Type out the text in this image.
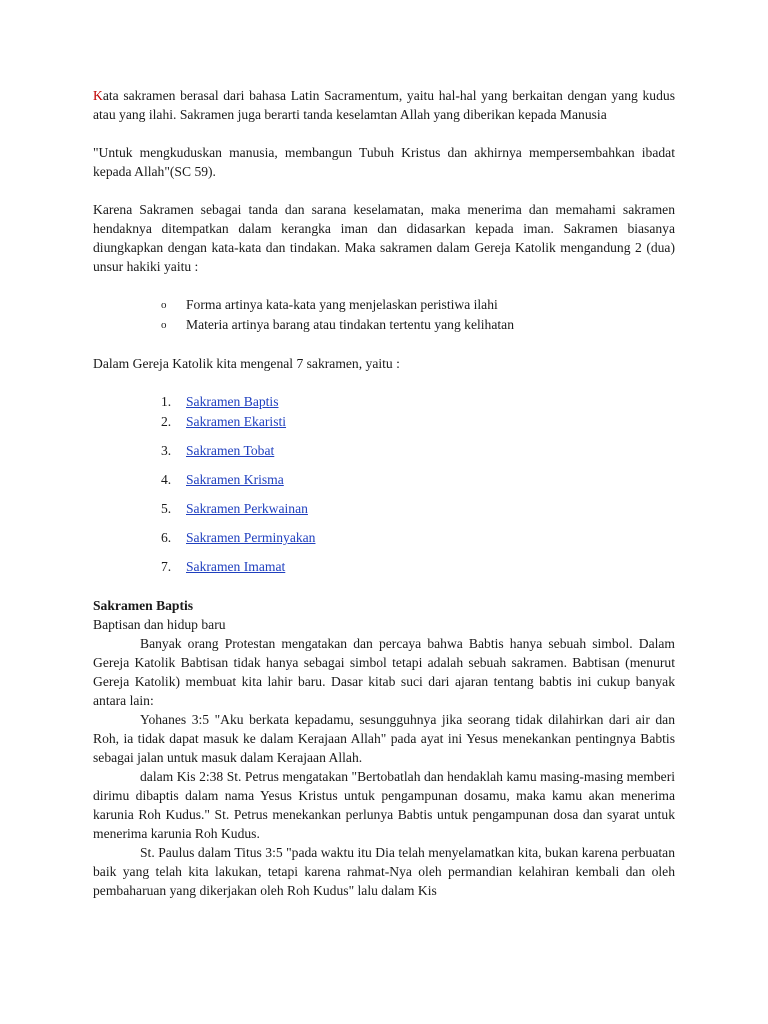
Kata sakramen berasal dari bahasa Latin Sacramentum, yaitu hal-hal yang berkaitan dengan yang kudus atau yang ilahi. Sakramen juga berarti tanda keselamtan Allah yang diberikan kepada Manusia

"Untuk mengkuduskan manusia, membangun Tubuh Kristus dan akhirnya mempersembahkan ibadat kepada Allah"(SC 59).

Karena Sakramen sebagai tanda dan sarana keselamatan, maka menerima dan memahami sakramen hendaknya ditempatkan dalam kerangka iman dan didasarkan kepada iman. Sakramen biasanya diungkapkan dengan kata-kata dan tindakan. Maka sakramen dalam Gereja Katolik mengandung 2 (dua) unsur hakiki yaitu :

o Forma artinya kata-kata yang menjelaskan peristiwa ilahi
o Materia artinya barang atau tindakan tertentu yang kelihatan

Dalam Gereja Katolik kita mengenal 7 sakramen, yaitu :

1. Sakramen Baptis
2. Sakramen Ekaristi
3. Sakramen Tobat
4. Sakramen Krisma
5. Sakramen Perkwainan
6. Sakramen Perminyakan
7. Sakramen Imamat
Sakramen Baptis

Baptisan dan hidup baru

Banyak orang Protestan mengatakan dan percaya bahwa Babtis hanya sebuah simbol. Dalam Gereja Katolik Babtisan tidak hanya sebagai simbol tetapi adalah sebuah sakramen. Babtisan (menurut Gereja Katolik) membuat kita lahir baru. Dasar kitab suci dari ajaran tentang babtis ini cukup banyak antara lain:

Yohanes 3:5 "Aku berkata kepadamu, sesungguhnya jika seorang tidak dilahirkan dari air dan Roh, ia tidak dapat masuk ke dalam Kerajaan Allah" pada ayat ini Yesus menekankan pentingnya Babtis sebagai jalan untuk masuk dalam Kerajaan Allah.

dalam Kis 2:38 St. Petrus mengatakan "Bertobatlah dan hendaklah kamu masing-masing memberi dirimu dibaptis dalam nama Yesus Kristus untuk pengampunan dosamu, maka kamu akan menerima karunia Roh Kudus." St. Petrus menekankan perlunya Babtis untuk pengampunan dosa dan syarat untuk menerima karunia Roh Kudus.

St. Paulus dalam Titus 3:5 "pada waktu itu Dia telah menyelamatkan kita, bukan karena perbuatan baik yang telah kita lakukan, tetapi karena rahmat-Nya oleh permandian kelahiran kembali dan oleh pembaharuan yang dikerjakan oleh Roh Kudus" lalu dalam Kis
